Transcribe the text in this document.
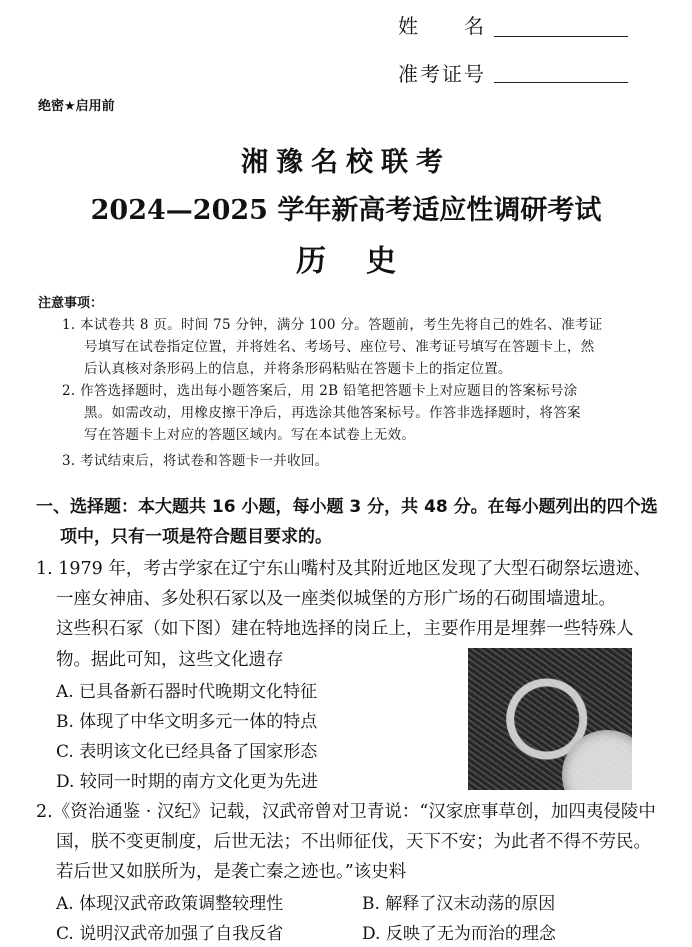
姓　　名
准考证号
绝密★启用前
湘豫名校联考
2024—2025 学年新高考适应性调研考试
历史
注意事项：
1. 本试卷共 8 页。时间 75 分钟，满分 100 分。答题前，考生先将自己的姓名、准考证
号填写在试卷指定位置，并将姓名、考场号、座位号、准考证号填写在答题卡上，然
后认真核对条形码上的信息，并将条形码粘贴在答题卡上的指定位置。
2. 作答选择题时，选出每小题答案后，用 2B 铅笔把答题卡上对应题目的答案标号涂
黑。如需改动，用橡皮擦干净后，再选涂其他答案标号。作答非选择题时，将答案
写在答题卡上对应的答题区域内。写在本试卷上无效。
3. 考试结束后，将试卷和答题卡一并收回。
一、选择题：本大题共 16 小题，每小题 3 分，共 48 分。在每小题列出的四个选
项中，只有一项是符合题目要求的。
1. 1979 年，考古学家在辽宁东山嘴村及其附近地区发现了大型石砌祭坛遗迹、
一座女神庙、多处积石冢以及一座类似城堡的方形广场的石砌围墙遗址。
这些积石冢（如下图）建在特地选择的岗丘上，主要作用是埋葬一些特殊人
物。据此可知，这些文化遗存
A. 已具备新石器时代晚期文化特征
B. 体现了中华文明多元一体的特点
C. 表明该文化已经具备了国家形态
D. 较同一时期的南方文化更为先进
2.《资治通鉴 · 汉纪》记载，汉武帝曾对卫青说：“汉家庶事草创，加四夷侵陵中
国，朕不变更制度，后世无法；不出师征伐，天下不安；为此者不得不劳民。
若后世又如朕所为，是袭亡秦之迹也。”该史料
A. 体现汉武帝政策调整较理性	B. 解释了汉末动荡的原因
C. 说明汉武帝加强了自我反省	D. 反映了无为而治的理念
